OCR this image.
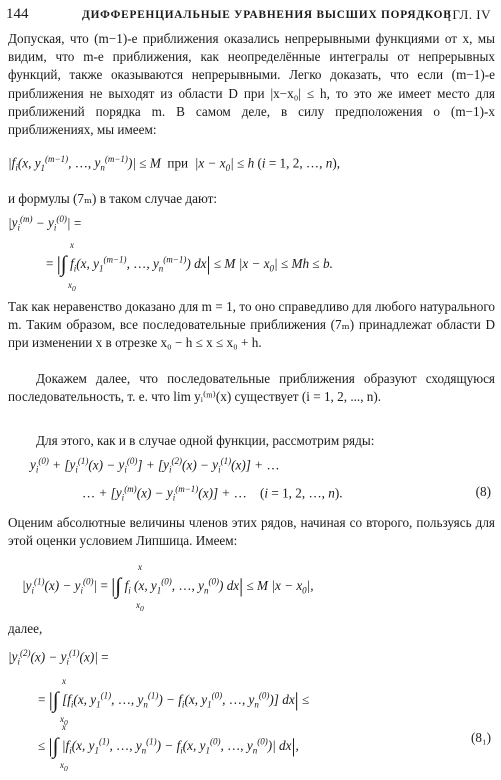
144	ДИФФЕРЕНЦИАЛЬНЫЕ УРАВНЕНИЯ ВЫСШИХ ПОРЯДКОВ
[ГЛ. IV

Допуская, что (m−1)-е приближения оказались непрерывными функциями от x, мы видим, что m-е приближения, как неопределённые интегралы от непрерывных функций, также оказываются непрерывными. Легко доказать, что если (m−1)-е приближения не выходят из области D при |x−x₀| ≤ h, то это же имеет место для приближений порядка m. В самом деле, в силу предположения о (m−1)-х приближениях, мы имеем:

$|f_i(x$, $y_1^{(m-1)}$, …, $y_n^{(m-1)})| \le M$  при  $|x - x_0| \le h$ (i = 1, 2, …, n),

и формулы (7ₘ) в таком случае дают:

$|y_i^{(m)} - y_i^{(0)}|$ =
= |∫ $f_i(x$, $y_1^{(m-1)}$, …, $y_n^{(m-1)}$) dx| ≤ M $|x - x_0| \le Mh \le b$.
x
$x_0$

Так как неравенство доказано для m = 1, то оно справедливо для любого натурального m. Таким образом, все последовательные приближения (7ₘ) принадлежат области D при изменении x в отрезке x₀ − h ≤ x ≤ x₀ + h.

Докажем далее, что последовательные приближения образуют сходящуюся последовательность, т. е. что lim yᵢ⁽ᵐ⁾(x) существует (i = 1, 2, ..., n).

Для этого, как и в случае одной функции, рассмотрим ряды:

$y_i^{(0)} + [y_i^{(1)}(x) - y_i^{(0)}] + [y_i^{(2)}(x) - y_i^{(1)}(x)]$ + …
… + $[y_i^{(m)}(x) - y_i^{(m-1)}(x)]$ + …    (i = 1, 2, …, n).	(8)

Оценим абсолютные величины членов этих рядов, начиная со второго, пользуясь для этой оценки условием Липшица. Имеем:

$|y_i^{(1)}(x) - y_i^{(0)}|$ = |∫ $f_i$ (x, $y_1^{(0)}$, …, $y_n^{(0)}$) dx| ≤ M $|x - x_0|$,
x
$x_0$

далее,

$|y_i^{(2)}(x) - y_i^{(1)}(x)|$ =
= |∫ [$f_i(x$, $y_1^{(1)}$, …, $y_n^{(1)}) - f_i(x$, $y_1^{(0)}$, …, $y_n^{(0)}$)] dx| ≤
x
$x_0$
≤ |∫ $|f_i(x$, $y_1^{(1)}$, …, $y_n^{(1)}) - f_i(x$, $y_1^{(0)}$, …, $y_n^{(0)})|$ dx|,
x
$x_0$
(8₁)
